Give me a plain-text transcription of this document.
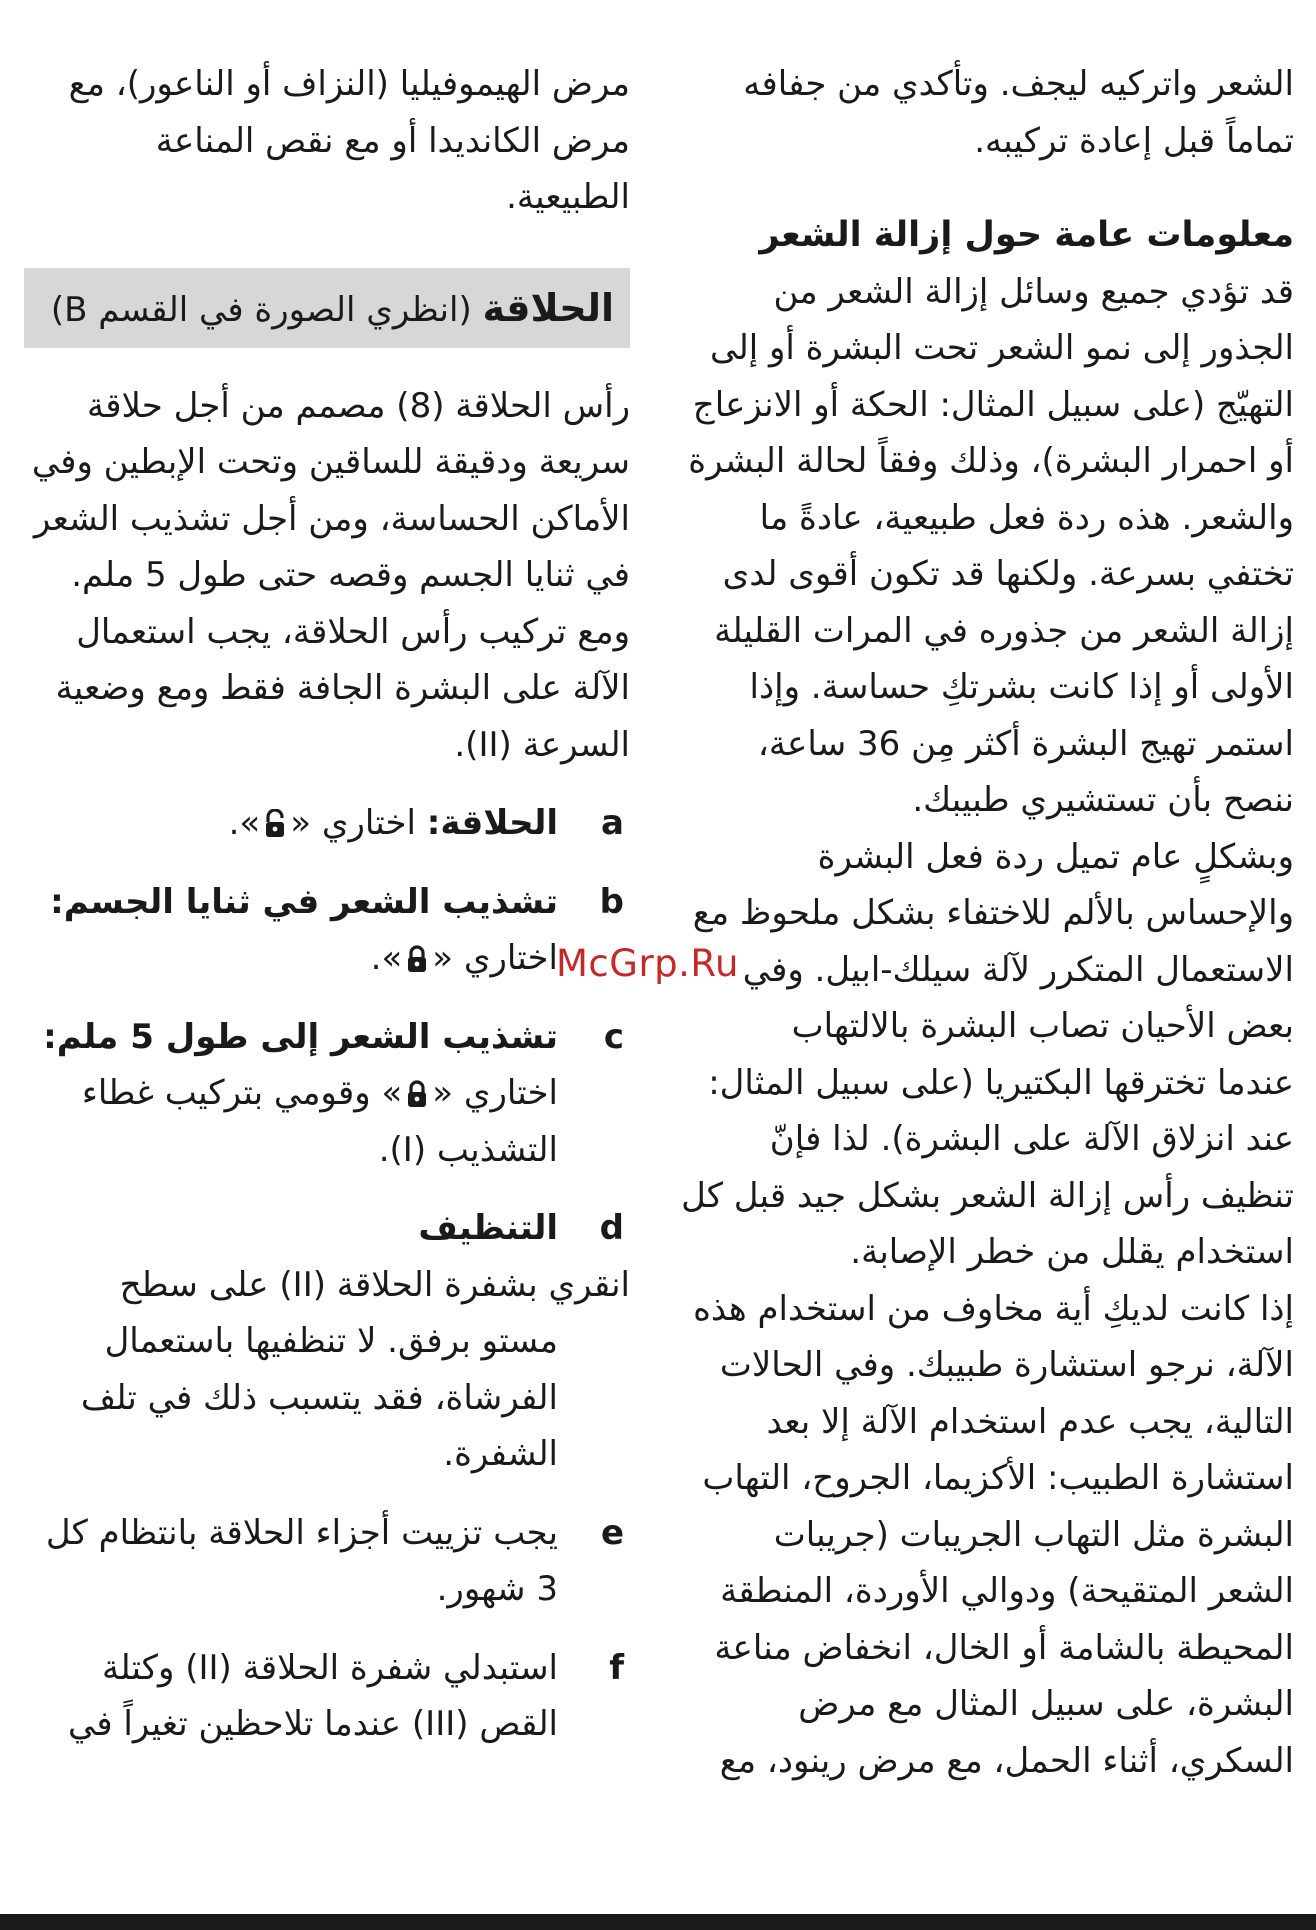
الشعر واتركيه ليجف. وتأكدي من جفافه

تماماً قبل إعادة تركيبه.

معلومات عامة حول إزالة الشعر

قد تؤدي جميع وسائل إزالة الشعر من

الجذور إلى نمو الشعر تحت البشرة أو إلى

التهيّج (على سبيل المثال: الحكة أو الانزعاج

أو احمرار البشرة)، وذلك وفقاً لحالة البشرة

والشعر. هذه ردة فعل طبيعية، عادةً ما

تختفي بسرعة. ولكنها قد تكون أقوى لدى

إزالة الشعر من جذوره في المرات القليلة

الأولى أو إذا كانت بشرتكِ حساسة. وإذا

استمر تهيج البشرة أكثر مِن 36 ساعة،

ننصح بأن تستشيري طبيبك.

وبشكلٍ عام تميل ردة فعل البشرة

والإحساس بالألم للاختفاء بشكل ملحوظ مع

الاستعمال المتكرر لآلة سيلك-ابيل. وفي

بعض الأحيان تصاب البشرة بالالتهاب

عندما تخترقها البكتيريا (على سبيل المثال:

عند انزلاق الآلة على البشرة). لذا فإنّ

تنظيف رأس إزالة الشعر بشكل جيد قبل كل

استخدام يقلل من خطر الإصابة.

إذا كانت لديكِ أية مخاوف من استخدام هذه

الآلة، نرجو استشارة طبيبك. وفي الحالات

التالية، يجب عدم استخدام الآلة إلا بعد

استشارة الطبيب: الأكزيما، الجروح، التهاب

البشرة مثل التهاب الجريبات (جريبات

الشعر المتقيحة) ودوالي الأوردة، المنطقة

المحيطة بالشامة أو الخال، انخفاض مناعة

البشرة، على سبيل المثال مع مرض

السكري، أثناء الحمل، مع مرض رينود، مع

مرض الهيموفيليا (النزاف أو الناعور)، مع

مرض الكانديدا أو مع نقص المناعة

الطبيعية.

الحلاقة (انظري الصورة في القسم B)

رأس الحلاقة (8) مصمم من أجل حلاقة

سريعة ودقيقة للساقين وتحت الإبطين وفي

الأماكن الحساسة، ومن أجل تشذيب الشعر

في ثنايا الجسم وقصه حتى طول 5 ملم.

ومع تركيب رأس الحلاقة، يجب استعمال

الآلة على البشرة الجافة فقط ومع وضعية

السرعة (II).

a

الحلاقة: اختاري «».

b

تشذيب الشعر في ثنايا الجسم:

اختاري «».

c

تشذيب الشعر إلى طول 5 ملم:

اختاري «» وقومي بتركيب غطاء

التشذيب (I).

d

التنظيف

انقري بشفرة الحلاقة (II) على سطح

مستو برفق. لا تنظفيها باستعمال

الفرشاة، فقد يتسبب ذلك في تلف

الشفرة.

e

يجب تزييت أجزاء الحلاقة بانتظام كل

3 شهور.

f

استبدلي شفرة الحلاقة (II) وكتلة

القص (III) عندما تلاحظين تغيراً في

McGrp.Ru
